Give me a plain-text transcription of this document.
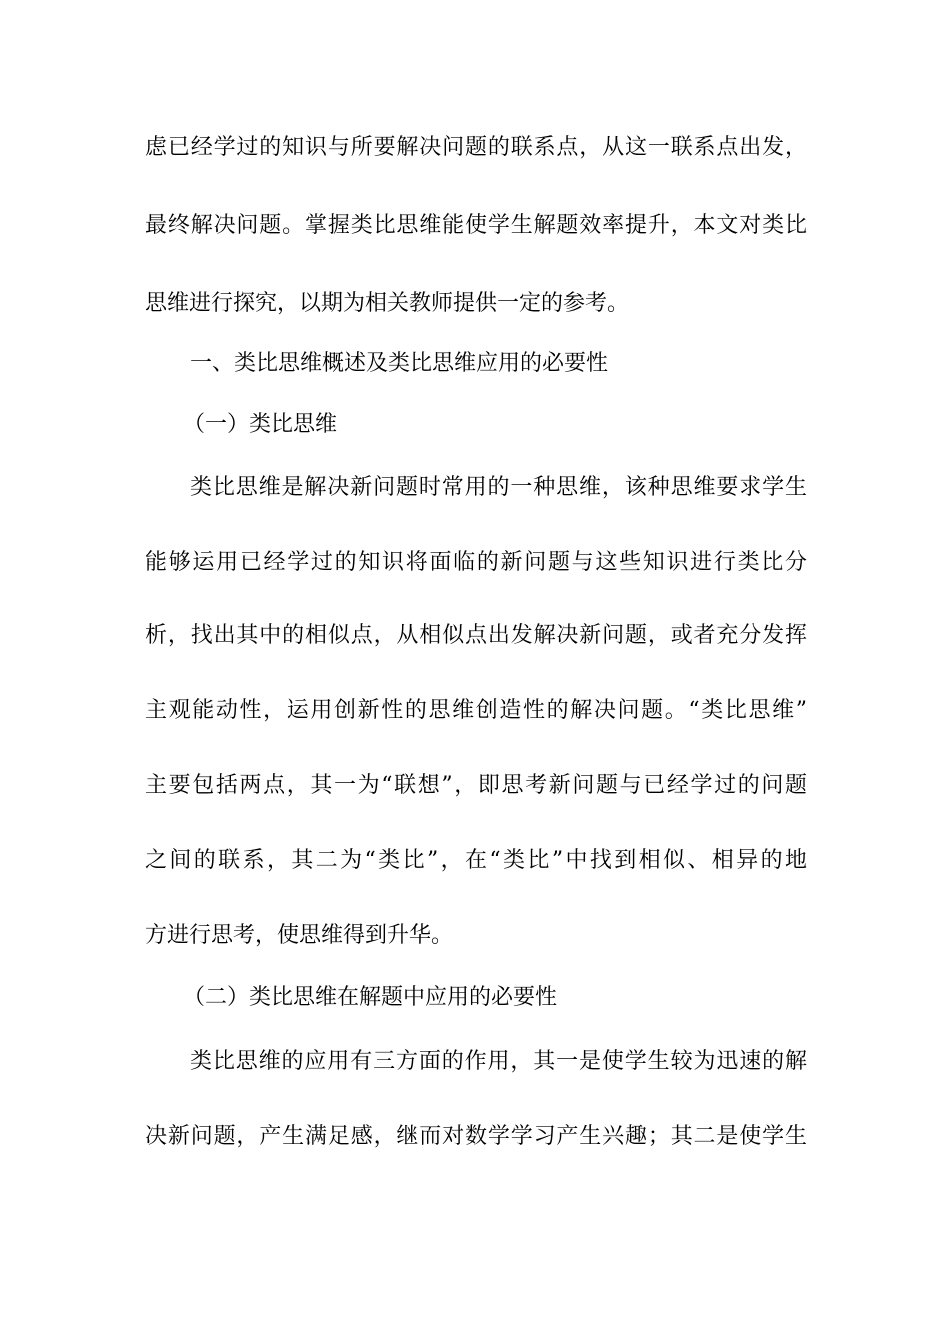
虑已经学过的知识与所要解决问题的联系点，从这一联系点出发，
最终解决问题。掌握类比思维能使学生解题效率提升，本文对类比
思维进行探究，以期为相关教师提供一定的参考。
一、类比思维概述及类比思维应用的必要性
（一）类比思维
类比思维是解决新问题时常用的一种思维，该种思维要求学生
能够运用已经学过的知识将面临的新问题与这些知识进行类比分
析，找出其中的相似点，从相似点出发解决新问题，或者充分发挥
主观能动性，运用创新性的思维创造性的解决问题。“类比思维”
主要包括两点，其一为“联想”，即思考新问题与已经学过的问题
之间的联系，其二为“类比”，在“类比”中找到相似、相异的地
方进行思考，使思维得到升华。
（二）类比思维在解题中应用的必要性
类比思维的应用有三方面的作用，其一是使学生较为迅速的解
决新问题，产生满足感，继而对数学学习产生兴趣；其二是使学生
